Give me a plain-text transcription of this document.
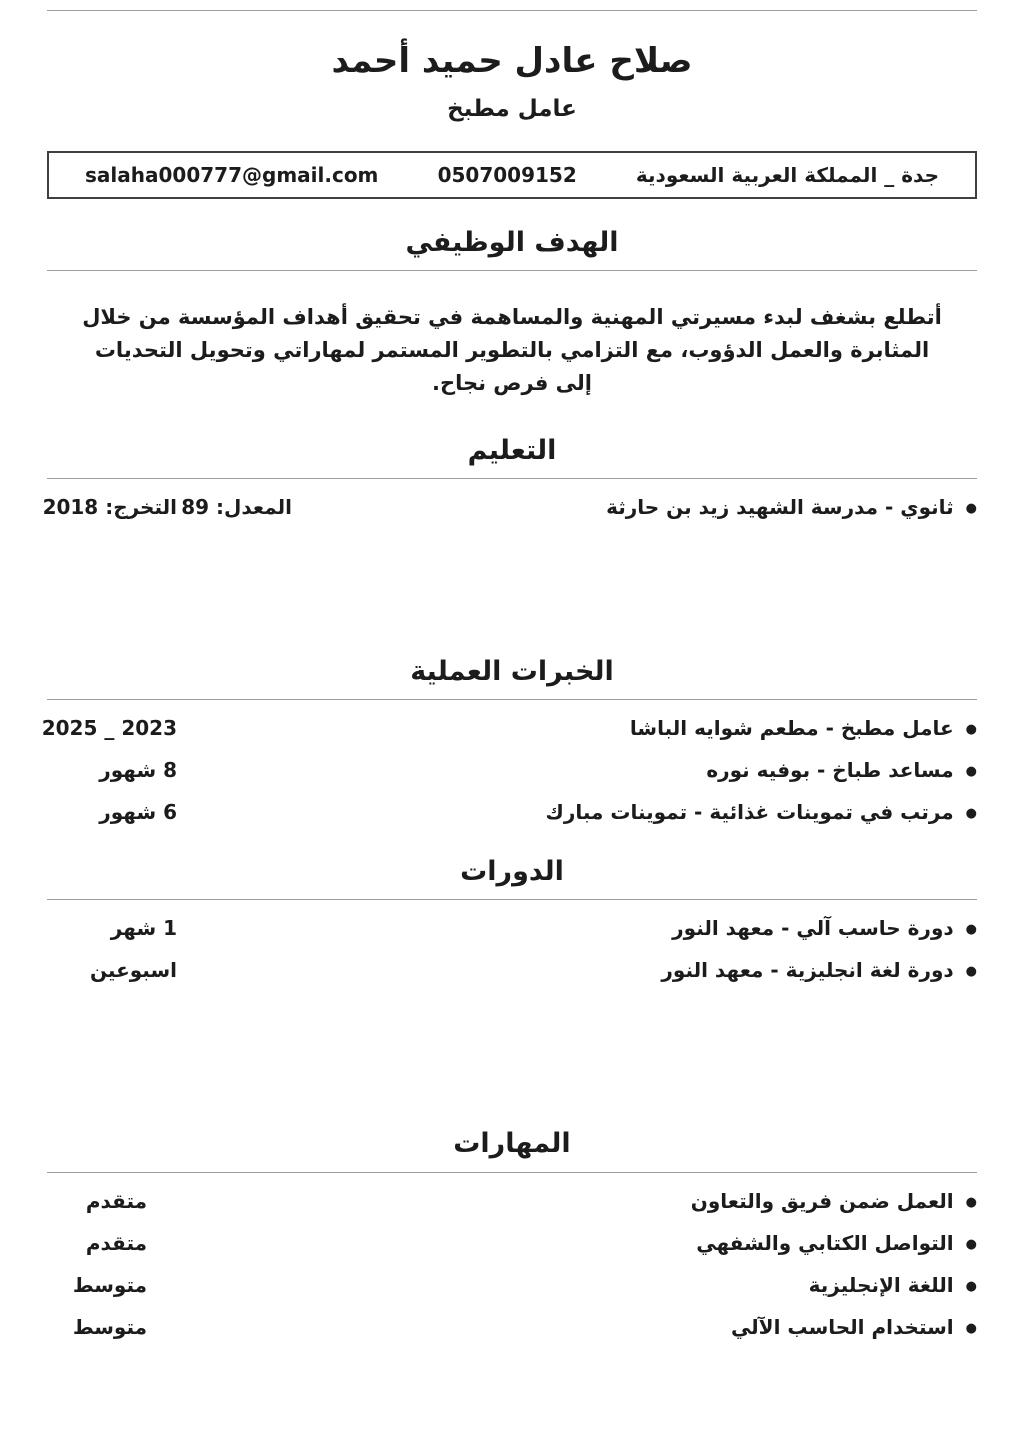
صلاح عادل حميد أحمد
عامل مطبخ
جدة _ المملكة العربية السعودية
0507009152
salaha000777@gmail.com
الهدف الوظيفي

أتطلع بشغف لبدء مسيرتي المهنية والمساهمة في تحقيق أهداف المؤسسة من خلال المثابرة والعمل الدؤوب، مع التزامي بالتطوير المستمر لمهاراتي وتحويل التحديات إلى فرص نجاح.

التعليم
●
ثانوي - مدرسة الشهيد زيد بن حارثة
المعدل: 89
التخرج: 2018
الخبرات العملية
●
عامل مطبخ - مطعم شوايه الباشا
2023 _ 2025
●
مساعد طباخ - بوفيه نوره
8 شهور
●
مرتب في تموينات غذائية - تموينات مبارك
6 شهور
الدورات
●
دورة حاسب آلي - معهد النور
1 شهر
●
دورة لغة انجليزية - معهد النور
اسبوعين
المهارات
●
العمل ضمن فريق والتعاون
متقدم
●
التواصل الكتابي والشفهي
متقدم
●
اللغة الإنجليزية
متوسط
●
استخدام الحاسب الآلي
متوسط
